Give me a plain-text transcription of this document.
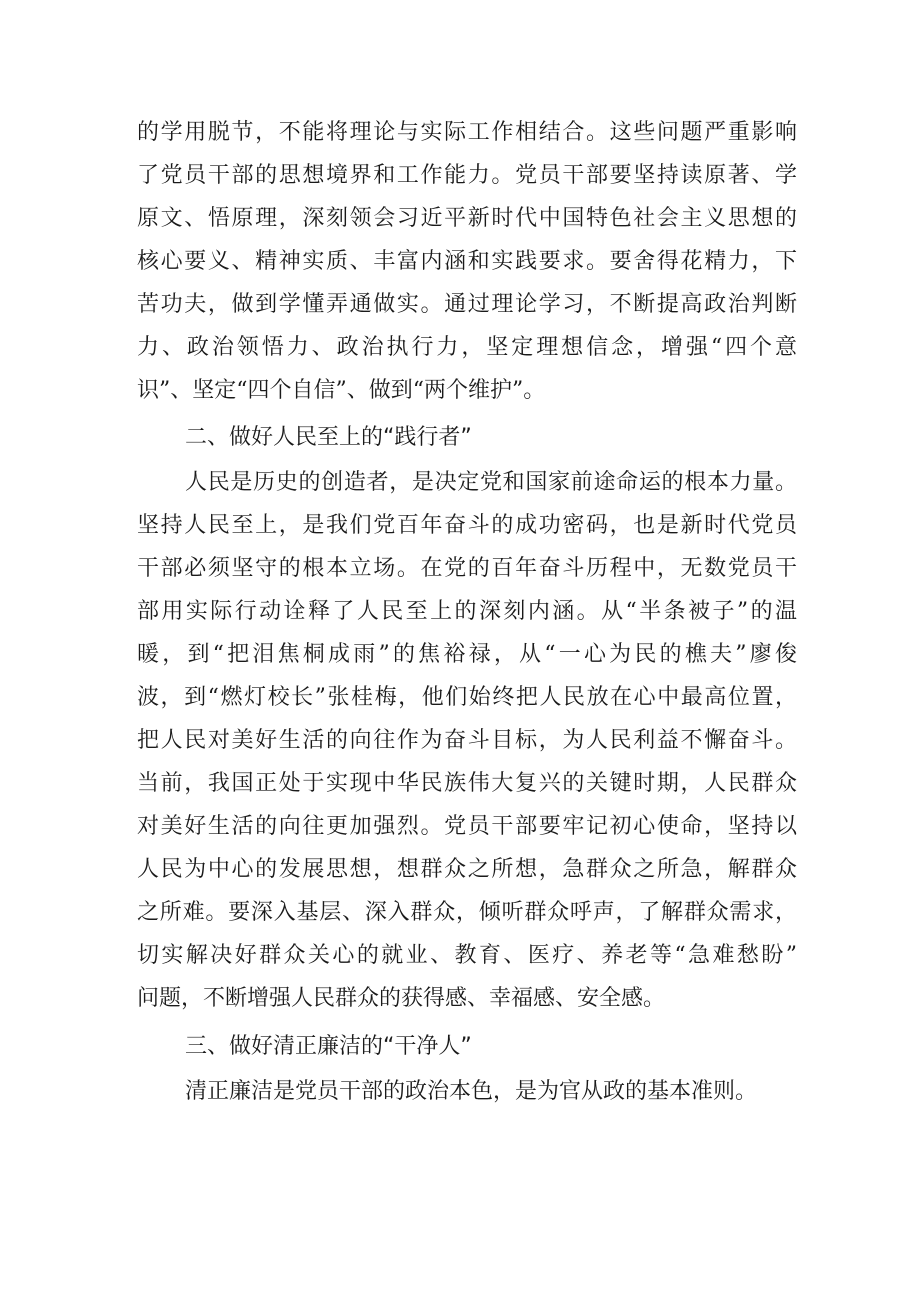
的学用脱节，不能将理论与实际工作相结合。这些问题严重影响
了党员干部的思想境界和工作能力。党员干部要坚持读原著、学
原文、悟原理，深刻领会习近平新时代中国特色社会主义思想的
核心要义、精神实质、丰富内涵和实践要求。要舍得花精力，下
苦功夫，做到学懂弄通做实。通过理论学习，不断提高政治判断
力、政治领悟力、政治执行力，坚定理想信念，增强“四个意
识”、坚定“四个自信”、做到“两个维护”。
二、做好人民至上的“践行者”
人民是历史的创造者，是决定党和国家前途命运的根本力量。
坚持人民至上，是我们党百年奋斗的成功密码，也是新时代党员
干部必须坚守的根本立场。在党的百年奋斗历程中，无数党员干
部用实际行动诠释了人民至上的深刻内涵。从“半条被子”的温
暖，到“把泪焦桐成雨”的焦裕禄，从“一心为民的樵夫”廖俊
波，到“燃灯校长”张桂梅，他们始终把人民放在心中最高位置，
把人民对美好生活的向往作为奋斗目标，为人民利益不懈奋斗。
当前，我国正处于实现中华民族伟大复兴的关键时期，人民群众
对美好生活的向往更加强烈。党员干部要牢记初心使命，坚持以
人民为中心的发展思想，想群众之所想，急群众之所急，解群众
之所难。要深入基层、深入群众，倾听群众呼声，了解群众需求，
切实解决好群众关心的就业、教育、医疗、养老等“急难愁盼”
问题，不断增强人民群众的获得感、幸福感、安全感。
三、做好清正廉洁的“干净人”
清正廉洁是党员干部的政治本色，是为官从政的基本准则。
